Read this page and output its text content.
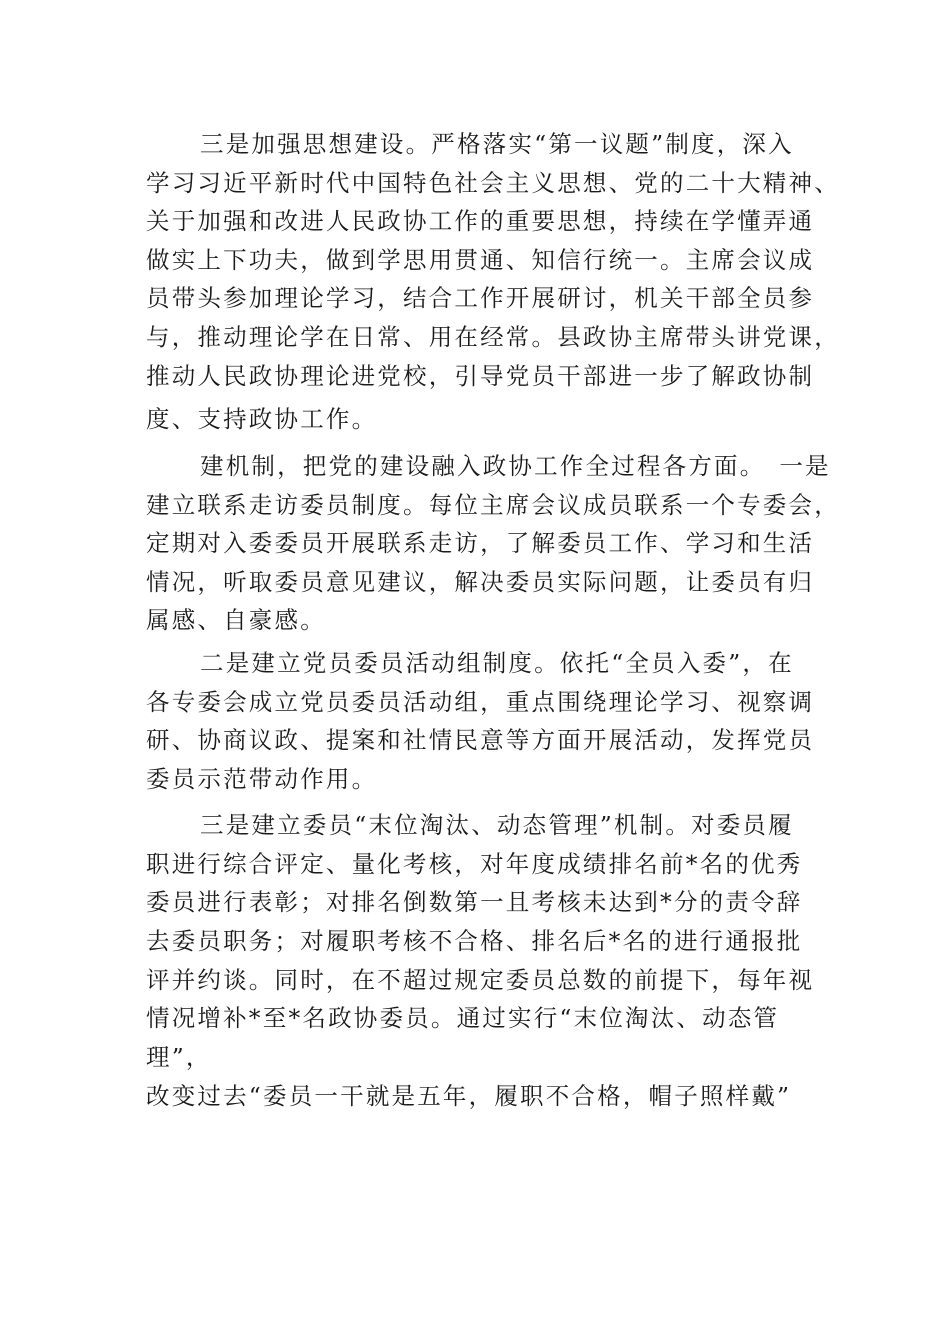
三是加强思想建设。严格落实“第一议题”制度，深入
学习习近平新时代中国特色社会主义思想、党的二十大精神、
关于加强和改进人民政协工作的重要思想，持续在学懂弄通
做实上下功夫，做到学思用贯通、知信行统一。主席会议成
员带头参加理论学习，结合工作开展研讨，机关干部全员参
与，推动理论学在日常、用在经常。县政协主席带头讲党课，
推动人民政协理论进党校，引导党员干部进一步了解政协制
度、支持政协工作。
建机制，把党的建设融入政协工作全过程各方面。　一是
建立联系走访委员制度。每位主席会议成员联系一个专委会，
定期对入委委员开展联系走访，了解委员工作、学习和生活
情况，听取委员意见建议，解决委员实际问题，让委员有归
属感、自豪感。
二是建立党员委员活动组制度。依托“全员入委”，在
各专委会成立党员委员活动组，重点围绕理论学习、视察调
研、协商议政、提案和社情民意等方面开展活动，发挥党员
委员示范带动作用。
三是建立委员“末位淘汰、动态管理”机制。对委员履
职进行综合评定、量化考核，对年度成绩排名前*名的优秀
委员进行表彰；对排名倒数第一且考核未达到*分的责令辞
去委员职务；对履职考核不合格、排名后*名的进行通报批
评并约谈。同时，在不超过规定委员总数的前提下，每年视
情况增补*至*名政协委员。通过实行“末位淘汰、动态管
理”，
改变过去“委员一干就是五年，履职不合格，帽子照样戴”
